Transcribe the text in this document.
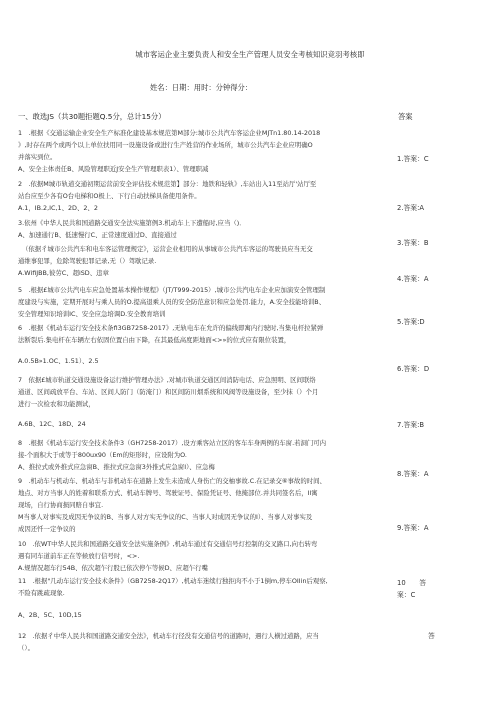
城市客运企业主要负责人和安全生产管理人员安全考核知识竞羽考核即
姓名：日期：用时：分钟得分：
一、敢选JS（共30题拒题Q.5分，总计15分）	答案

1　.根据《交通运输企业安全生产标准化建设基本规范第M部分:城市公共汽车客运企业MJTn1.80.14-2018

》,时存在两个或两个以上单位扶用同一设施设备或进行生产姓营的作业场所，城市公共汽车企业应明确O

并落实到位。

A、安全主体责任B、风险管理职近J安全生产管理职表1）、管理职减

2　.依据M城市轨道交通初期运营前安全评估技术规范第】部分：地铁和轻轨》,车站出入11至站厅'站厅至

站台应至少各有O台电梯和O极上、下行自动扶梯具备使用条件。

A.1，IB.2,IC,1、2D、2、2

3.依州《中华人民共和国道路交通安全法实施第例3.机动车上下遭船时,应当（)．

A、加速通行B、低速慢行C、正常速度通过D、直接通过

（依据彳城市公共汽车和电车客运管理规定》，运营企业相用的从事城市公共汽车客运的驾驶员应当无交

通维事犯罪，危除驾驶犯罪记录,无（）驾歇记录.

A.WifiJBB,彼劳C、超iSD、违章

5　.根据£城市公共汽电车应急处置基本操作规程》（JT/T999-2015）,城市公共汽电车企业应加演安全管理制

度建设与实施，定期开展对与乘人员的O.提高退乘人员的安全防范意识和应急处罚.能力，A.安全技能培训B、

安全管理知识培训IC、安全应急培调D.安全教育培训

6　.根据《机动车运行安全技术条fi3GB7258-2017》,无轨电车在允许的偏线即寓内行驶时,当集电杆拉紧弹

法断裂后.集电杆在车辆左右依固位置自由下降，在其最低高度距地面<>»的位式应有限位装置，

A.0.5B»1.OC、1.51）、2.5

7　依据£城市轨道交通设施设备运行维护管理办法》,对城市轨道交通区间消防电话、应急照明、区间联络

通道、区间疏放平台、车站、区间人防门（防淹门）和区间防川烟系统和风阀等设施设备，至少抹（）个月

进行一次检农和功能测试，

A.6B、12C、18D、24

8　.根据《机动车运行安全技术条件3（GH7258-2017）,设方乘客站立区的客车车身两例的车窗.若洞门可内

接-个面积大于或等于800ux90（Em的矩形时，应设附为O.

A、推拉式或外推式应急窗B、推拉式应急窗3外推式应急窗I）、应急梅

9　.机动车与机动车、机动车与非机动车在道路上发生未造成人身伤亡的交柚事故.C.在记录交⑥事故的时间、

地点、对方当事人的姓着和联系方式、机动车牌号、驾驶证号、保险凭证号、他掩部位.并共同签名后，Il寓

现场，自行协商损同赔自事宜.

M当事人对事实及成因无争议的B、当事人对方实无争议的C、当事人对成因无争议的I）、当事人对事实及

成因还忏一定争议的

10　.依WT中华人民共和国道路交通安全法实施条例》,机动车通过有交通信号灯控制的交叉路口,向右转弯

遇有同车道前车正在等候放行信号时，<>.

A.规情况超车行54B、依次超乍行股已依次停乍等候D、应超乍行嘴

11　.根据"几动车运行安全技术条件》（GB7258-2Q17）,机动车迷续行独拒肉不小于1倒m,停车OIIin后观察,

不险有跳疏现象.

A、2B、5C、10D,15

12　.依据彳中华人民共和国道路交通安全法》，机动车行径没有交通信号的道路时，遇行人横过道路，应当

（）。

1.答案：C
2.答案:A
3.答案：B
4.答案：A
5.答案:D
6.答案：D
7.答案:B
8.答案：A
9.答案：A
10　　答
案：C
答
